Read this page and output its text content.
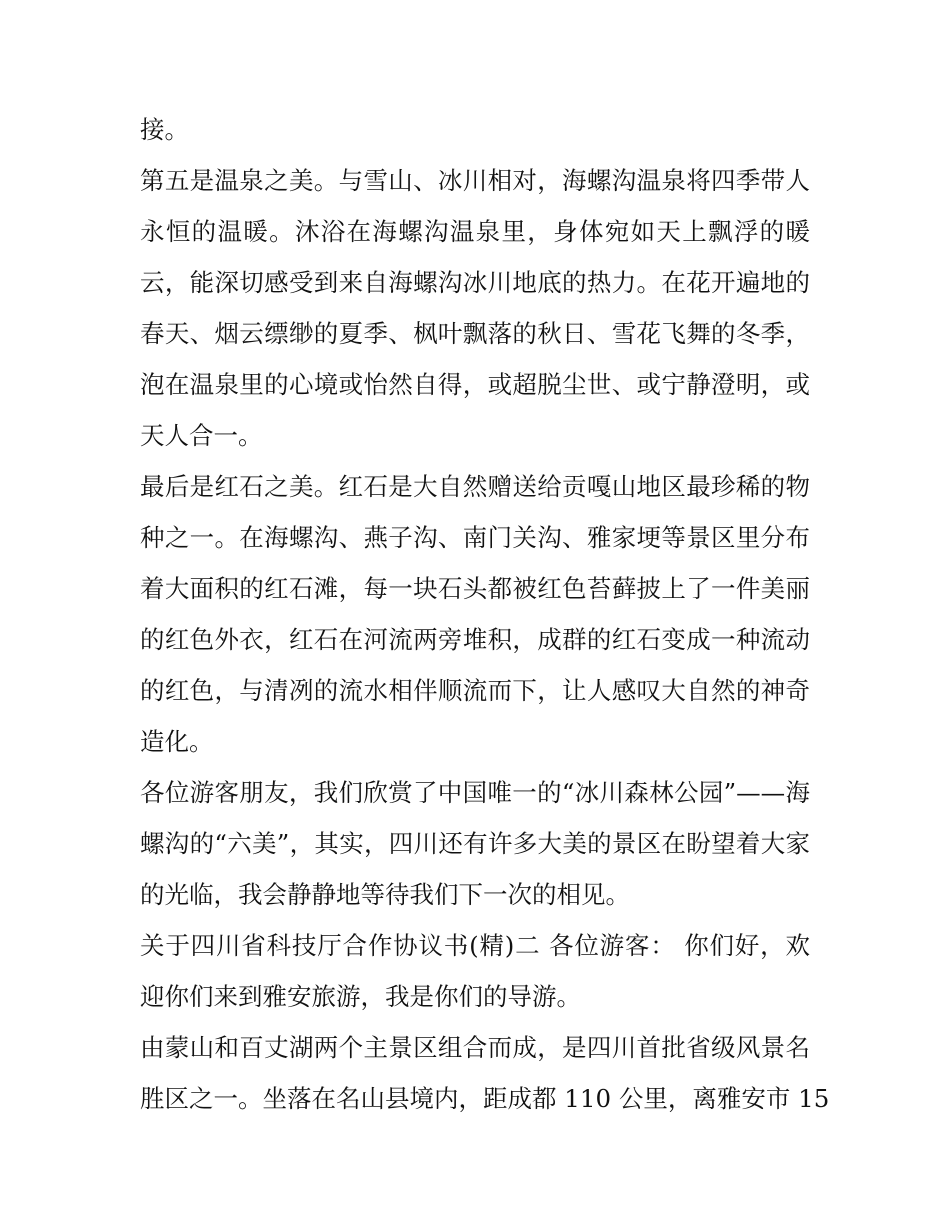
接。
第五是温泉之美。与雪山、冰川相对，海螺沟温泉将四季带人
永恒的温暖。沐浴在海螺沟温泉里，身体宛如天上飘浮的暖
云，能深切感受到来自海螺沟冰川地底的热力。在花开遍地的
春天、烟云缥缈的夏季、枫叶飘落的秋日、雪花飞舞的冬季，
泡在温泉里的心境或怡然自得，或超脱尘世、或宁静澄明，或
天人合一。
最后是红石之美。红石是大自然赠送给贡嘎山地区最珍稀的物
种之一。在海螺沟、燕子沟、南门关沟、雅家埂等景区里分布
着大面积的红石滩，每一块石头都被红色苔藓披上了一件美丽
的红色外衣，红石在河流两旁堆积，成群的红石变成一种流动
的红色，与清冽的流水相伴顺流而下，让人感叹大自然的神奇
造化。
各位游客朋友，我们欣赏了中国唯一的“冰川森林公园”——海
螺沟的“六美”，其实，四川还有许多大美的景区在盼望着大家
的光临，我会静静地等待我们下一次的相见。
关于四川省科技厅合作协议书(精)二 各位游客： 你们好，欢
迎你们来到雅安旅游，我是你们的导游。
由蒙山和百丈湖两个主景区组合而成，是四川首批省级风景名
胜区之一。坐落在名山县境内，距成都 110 公里，离雅安市 15
